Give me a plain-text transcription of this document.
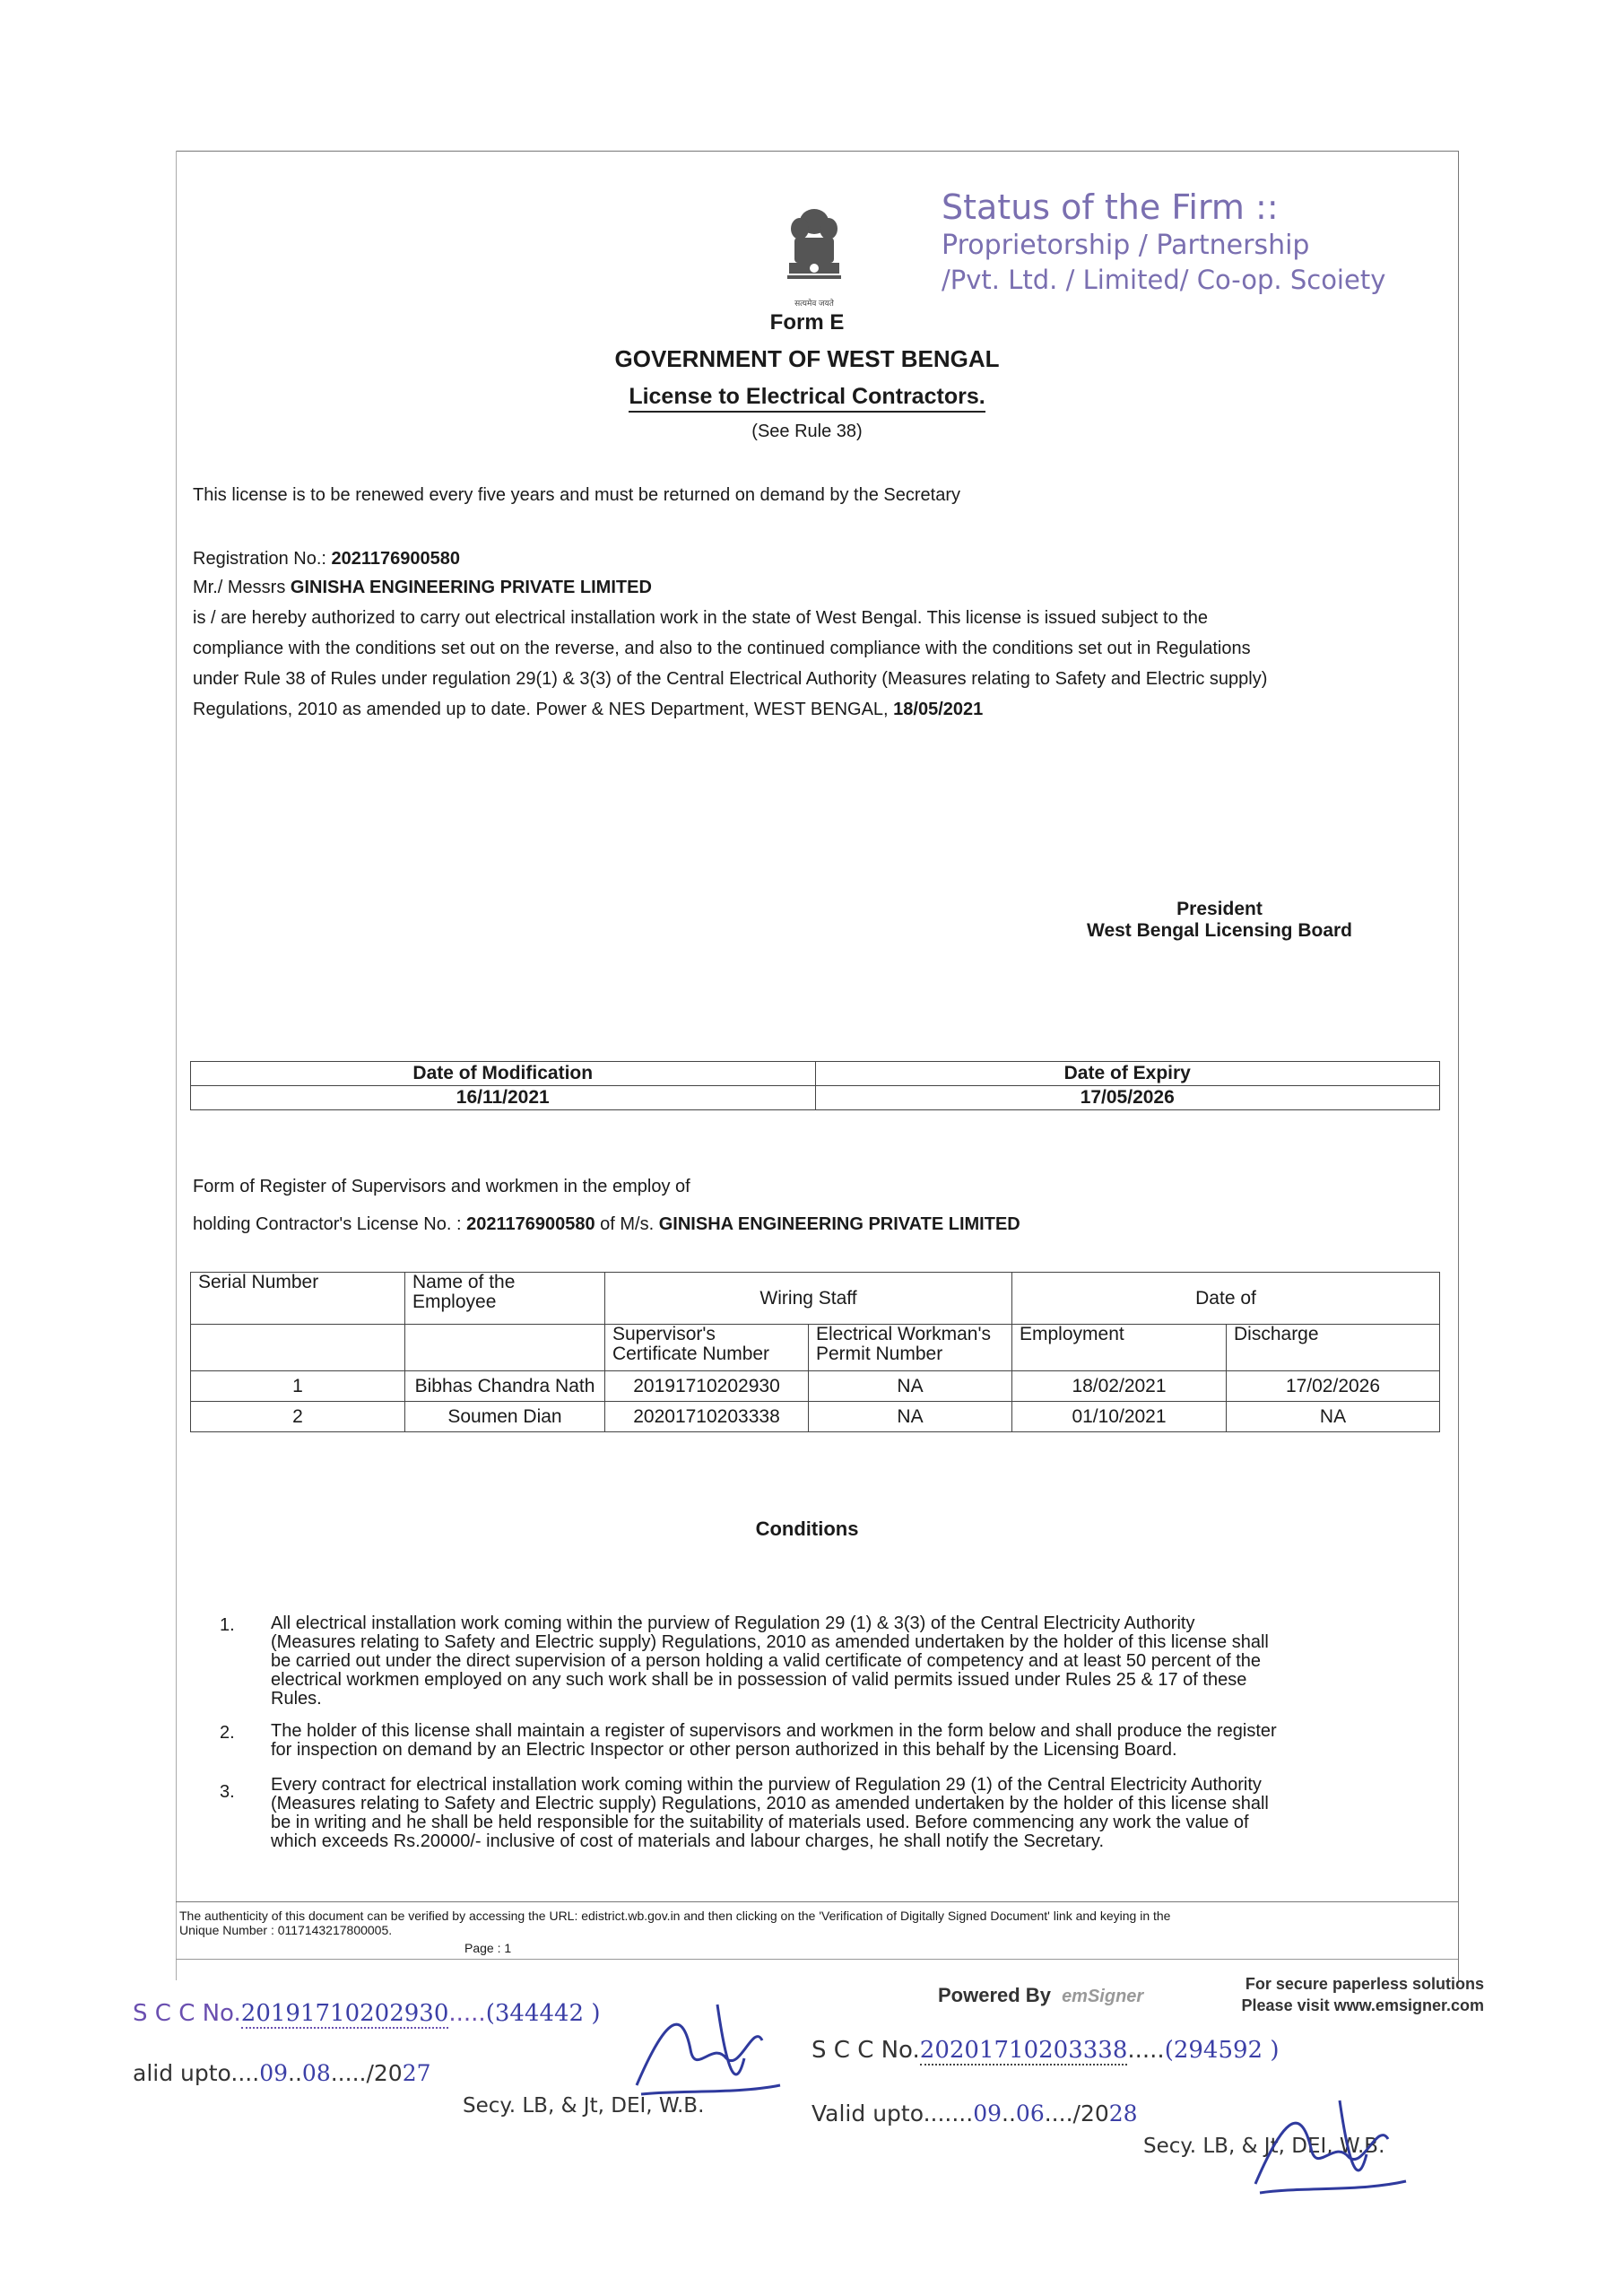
Status of the Firm ::
Proprietorship / Partnership
/Pvt. Ltd. / Limited/ Co-op. Scoiety
सत्यमेव जयते
Form E
GOVERNMENT OF WEST BENGAL
License to Electrical Contractors.
(See Rule 38)
This license is to be renewed every five years and must be returned on demand by the Secretary
Registration No.: 2021176900580
Mr./ Messrs GINISHA ENGINEERING PRIVATE LIMITED
is / are hereby authorized to carry out electrical installation work in the state of West Bengal. This license is issued subject to the
compliance with the conditions set out on the reverse, and also to the continued compliance with the conditions set out in Regulations
under Rule 38 of Rules under regulation 29(1) & 3(3) of the Central Electrical Authority (Measures relating to Safety and Electric supply)
Regulations, 2010 as amended up to date. Power & NES Department, WEST BENGAL, 18/05/2021
President
West Bengal Licensing Board
Date of Modification	Date of Expiry
16/11/2021	17/05/2026
Form of Register of Supervisors and workmen in the employ of
holding Contractor's License No. : 2021176900580 of M/s. GINISHA ENGINEERING PRIVATE LIMITED
Serial Number	Name of the Employee	Wiring Staff		Date of	
		Supervisor's Certificate Number	Electrical Workman's Permit Number	Employment	Discharge
1	Bibhas Chandra Nath	20191710202930	NA	18/02/2021	17/02/2026
2	Soumen Dian	20201710203338	NA	01/10/2021	NA
Conditions
1. All electrical installation work coming within the purview of Regulation 29 (1) & 3(3) of the Central Electricity Authority
(Measures relating to Safety and Electric supply) Regulations, 2010 as amended undertaken by the holder of this license shall
be carried out under the direct supervision of a person holding a valid certificate of competency and at least 50 percent of the
electrical workmen employed on any such work shall be in possession of valid permits issued under Rules 25 & 17 of these
Rules.
2. The holder of this license shall maintain a register of supervisors and workmen in the form below and shall produce the register
for inspection on demand by an Electric Inspector or other person authorized in this behalf by the Licensing Board.
3. Every contract for electrical installation work coming within the purview of Regulation 29 (1) of the Central Electricity Authority
(Measures relating to Safety and Electric supply) Regulations, 2010 as amended undertaken by the holder of this license shall
be in writing and he shall be held responsible for the suitability of materials used. Before commencing any work the value of
which exceeds Rs.20000/- inclusive of cost of materials and labour charges, he shall notify the Secretary.
The authenticity of this document can be verified by accessing the URL: edistrict.wb.gov.in and then clicking on the 'Verification of Digitally Signed Document' link and keying in the
Unique Number : 0117143217800005.
Page : 1
Powered By emSigner
For secure paperless solutions
Please visit www.emsigner.com
S C C No.20191710202930.....(344442 )
alid upto....09..08...../2027
Secy. LB, & Jt, DEI, W.B.
S C C No.20201710203338.....(294592 )
Valid upto.......09..06..../2028
Secy. LB, & Jt, DEI, W.B.
